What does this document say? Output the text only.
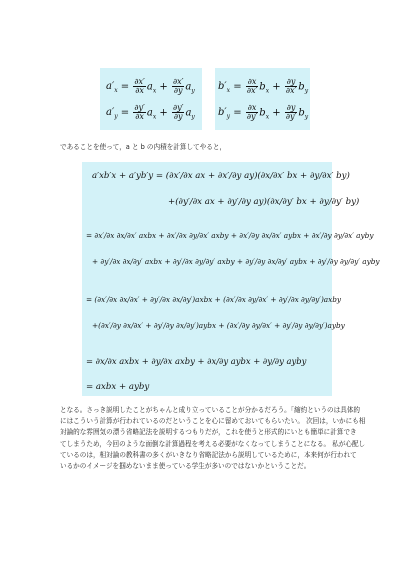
$a'_x = \frac{\partial x'}{\partial x} a_x + \frac{\partial x'}{\partial y} a_y$
$a'_y = \frac{\partial y'}{\partial x} a_x + \frac{\partial y'}{\partial y} a_y$
$b'_x = \frac{\partial x}{\partial x'} b_x + \frac{\partial y}{\partial x'} b_y$
$b'_y = \frac{\partial x}{\partial y'} b_x + \frac{\partial y}{\partial y'} b_y$
であることを使って，a と b の内積を計算してやると，
a′xb′x + a′yb′y = (∂x′/∂x ax + ∂x′/∂y ay)(∂x/∂x′ bx + ∂y/∂x′ by)
+(∂y′/∂x ax + ∂y′/∂y ay)(∂x/∂y′ bx + ∂y/∂y′ by)
= ∂x′/∂x ∂x/∂x′ axbx + ∂x′/∂x ∂y/∂x′ axby + ∂x′/∂y ∂x/∂x′ aybx + ∂x′/∂y ∂y/∂x′ ayby
+ ∂y′/∂x ∂x/∂y′ axbx + ∂y′/∂x ∂y/∂y′ axby + ∂y′/∂y ∂x/∂y′ aybx + ∂y′/∂y ∂y/∂y′ ayby
= (∂x′/∂x ∂x/∂x′ + ∂y′/∂x ∂x/∂y′)axbx + (∂x′/∂x ∂y/∂x′ + ∂y′/∂x ∂y/∂y′)axby
+(∂x′/∂y ∂x/∂x′ + ∂y′/∂y ∂x/∂y′)aybx + (∂x′/∂y ∂y/∂x′ + ∂y′/∂y ∂y/∂y′)ayby
= ∂x/∂x axbx + ∂y/∂x axby + ∂x/∂y aybx + ∂y/∂y ayby
= axbx + ayby
となる。さっき説明したことがちゃんと成り立っていることが分かるだろう。「縮約というのは具体的
にはこういう計算が行われているのだということを心に留めておいてもらいたい。 次回は，いかにも相
対論的な雰囲気の漂う省略記法を説明するつもりだが，これを使うと形式的にいとも簡単に計算でき
てしまうため，今回のような面倒な計算過程を考える必要がなくなってしまうことになる。 私が心配し
ているのは，相対論の教科書の多くがいきなり省略記法から説明しているために，本来何が行われて
いるかのイメージを掴めないまま使っている学生が多いのではないかということだ。
